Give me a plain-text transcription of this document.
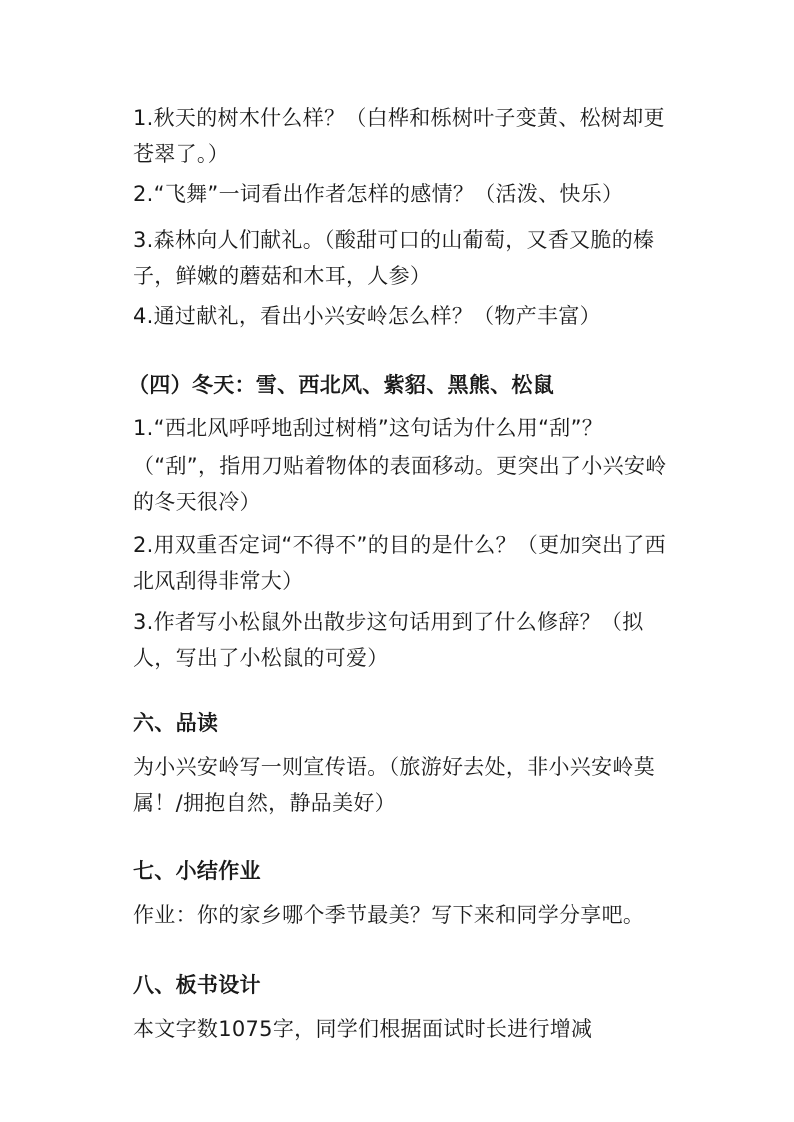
1.秋天的树木什么样？（白桦和栎树叶子变黄、松树却更
苍翠了。）
2.“飞舞”一词看出作者怎样的感情？（活泼、快乐）
3.森林向人们献礼。（酸甜可口的山葡萄，又香又脆的榛
子，鲜嫩的蘑菇和木耳，人参）
4.通过献礼，看出小兴安岭怎么样？（物产丰富）
（四）冬天：雪、西北风、紫貂、黑熊、松鼠
1.“西北风呼呼地刮过树梢”这句话为什么用“刮”？
（“刮”，指用刀贴着物体的表面移动。更突出了小兴安岭
的冬天很冷）
2.用双重否定词“不得不”的目的是什么？（更加突出了西
北风刮得非常大）
3.作者写小松鼠外出散步这句话用到了什么修辞？（拟
人，写出了小松鼠的可爱）
六、品读
为小兴安岭写一则宣传语。（旅游好去处，非小兴安岭莫
属！/拥抱自然，静品美好）
七、小结作业
作业：你的家乡哪个季节最美？写下来和同学分享吧。
八、板书设计
本文字数1075字，同学们根据面试时长进行增减
